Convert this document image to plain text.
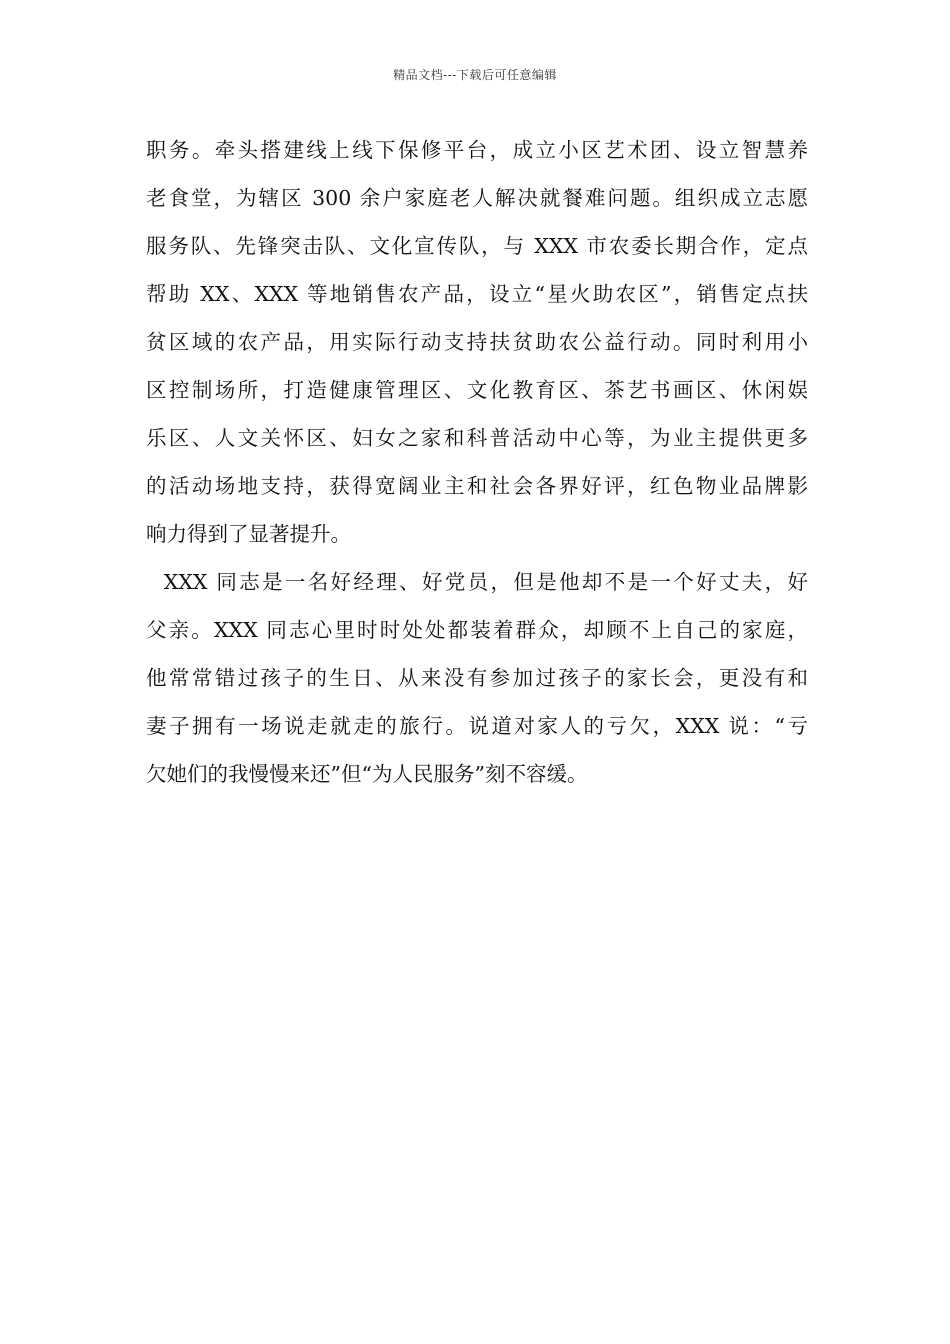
精品文档---下载后可任意编辑
职务。牵头搭建线上线下保修平台，成立小区艺术团、设立智慧养
老食堂，为辖区 300 余户家庭老人解决就餐难问题。组织成立志愿
服务队、先锋突击队、文化宣传队，与 XXX 市农委长期合作，定点
帮助 XX、XXX 等地销售农产品，设立“星火助农区”，销售定点扶
贫区域的农产品，用实际行动支持扶贫助农公益行动。同时利用小
区控制场所，打造健康管理区、文化教育区、茶艺书画区、休闲娱
乐区、人文关怀区、妇女之家和科普活动中心等，为业主提供更多
的活动场地支持，获得宽阔业主和社会各界好评，红色物业品牌影
响力得到了显著提升。
XXX 同志是一名好经理、好党员，但是他却不是一个好丈夫，好
父亲。XXX 同志心里时时处处都装着群众，却顾不上自己的家庭，
他常常错过孩子的生日、从来没有参加过孩子的家长会，更没有和
妻子拥有一场说走就走的旅行。说道对家人的亏欠，XXX 说：“亏
欠她们的我慢慢来还”但“为人民服务”刻不容缓。
